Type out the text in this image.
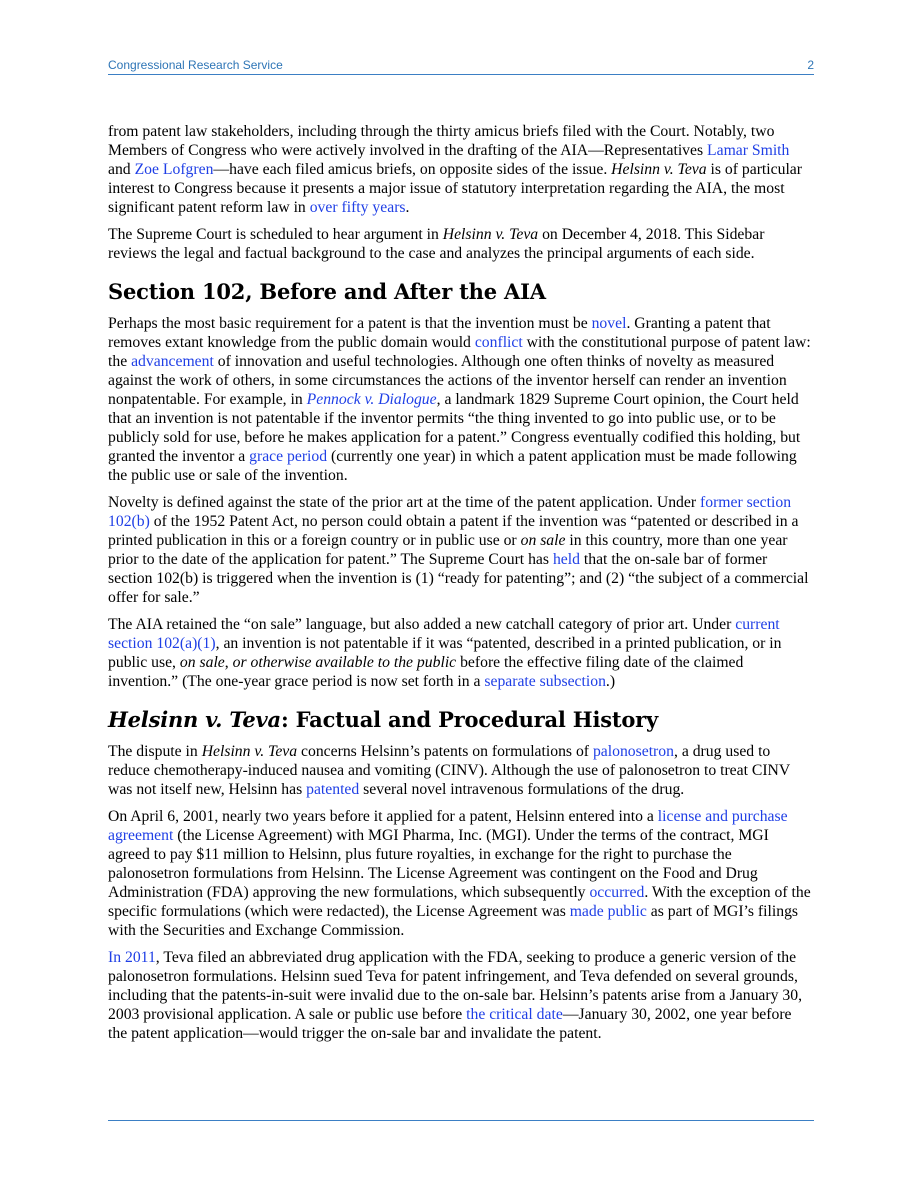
Congressional Research Service	2

from patent law stakeholders, including through the thirty amicus briefs filed with the Court. Notably, two Members of Congress who were actively involved in the drafting of the AIA—Representatives Lamar Smith and Zoe Lofgren—have each filed amicus briefs, on opposite sides of the issue. Helsinn v. Teva is of particular interest to Congress because it presents a major issue of statutory interpretation regarding the AIA, the most significant patent reform law in over fifty years.

The Supreme Court is scheduled to hear argument in Helsinn v. Teva on December 4, 2018. This Sidebar reviews the legal and factual background to the case and analyzes the principal arguments of each side.

Section 102, Before and After the AIA

Perhaps the most basic requirement for a patent is that the invention must be novel. Granting a patent that removes extant knowledge from the public domain would conflict with the constitutional purpose of patent law: the advancement of innovation and useful technologies. Although one often thinks of novelty as measured against the work of others, in some circumstances the actions of the inventor herself can render an invention nonpatentable. For example, in Pennock v. Dialogue, a landmark 1829 Supreme Court opinion, the Court held that an invention is not patentable if the inventor permits “the thing invented to go into public use, or to be publicly sold for use, before he makes application for a patent.” Congress eventually codified this holding, but granted the inventor a grace period (currently one year) in which a patent application must be made following the public use or sale of the invention.

Novelty is defined against the state of the prior art at the time of the patent application. Under former section 102(b) of the 1952 Patent Act, no person could obtain a patent if the invention was “patented or described in a printed publication in this or a foreign country or in public use or on sale in this country, more than one year prior to the date of the application for patent.” The Supreme Court has held that the on-sale bar of former section 102(b) is triggered when the invention is (1) “ready for patenting”; and (2) “the subject of a commercial offer for sale.”

The AIA retained the “on sale” language, but also added a new catchall category of prior art. Under current section 102(a)(1), an invention is not patentable if it was “patented, described in a printed publication, or in public use, on sale, or otherwise available to the public before the effective filing date of the claimed invention.” (The one-year grace period is now set forth in a separate subsection.)

Helsinn v. Teva: Factual and Procedural History

The dispute in Helsinn v. Teva concerns Helsinn’s patents on formulations of palonosetron, a drug used to reduce chemotherapy-induced nausea and vomiting (CINV). Although the use of palonosetron to treat CINV was not itself new, Helsinn has patented several novel intravenous formulations of the drug.

On April 6, 2001, nearly two years before it applied for a patent, Helsinn entered into a license and purchase agreement (the License Agreement) with MGI Pharma, Inc. (MGI). Under the terms of the contract, MGI agreed to pay $11 million to Helsinn, plus future royalties, in exchange for the right to purchase the palonosetron formulations from Helsinn. The License Agreement was contingent on the Food and Drug Administration (FDA) approving the new formulations, which subsequently occurred. With the exception of the specific formulations (which were redacted), the License Agreement was made public as part of MGI’s filings with the Securities and Exchange Commission.

In 2011, Teva filed an abbreviated drug application with the FDA, seeking to produce a generic version of the palonosetron formulations. Helsinn sued Teva for patent infringement, and Teva defended on several grounds, including that the patents-in-suit were invalid due to the on-sale bar. Helsinn’s patents arise from a January 30, 2003 provisional application. A sale or public use before the critical date—January 30, 2002, one year before the patent application—would trigger the on-sale bar and invalidate the patent.
